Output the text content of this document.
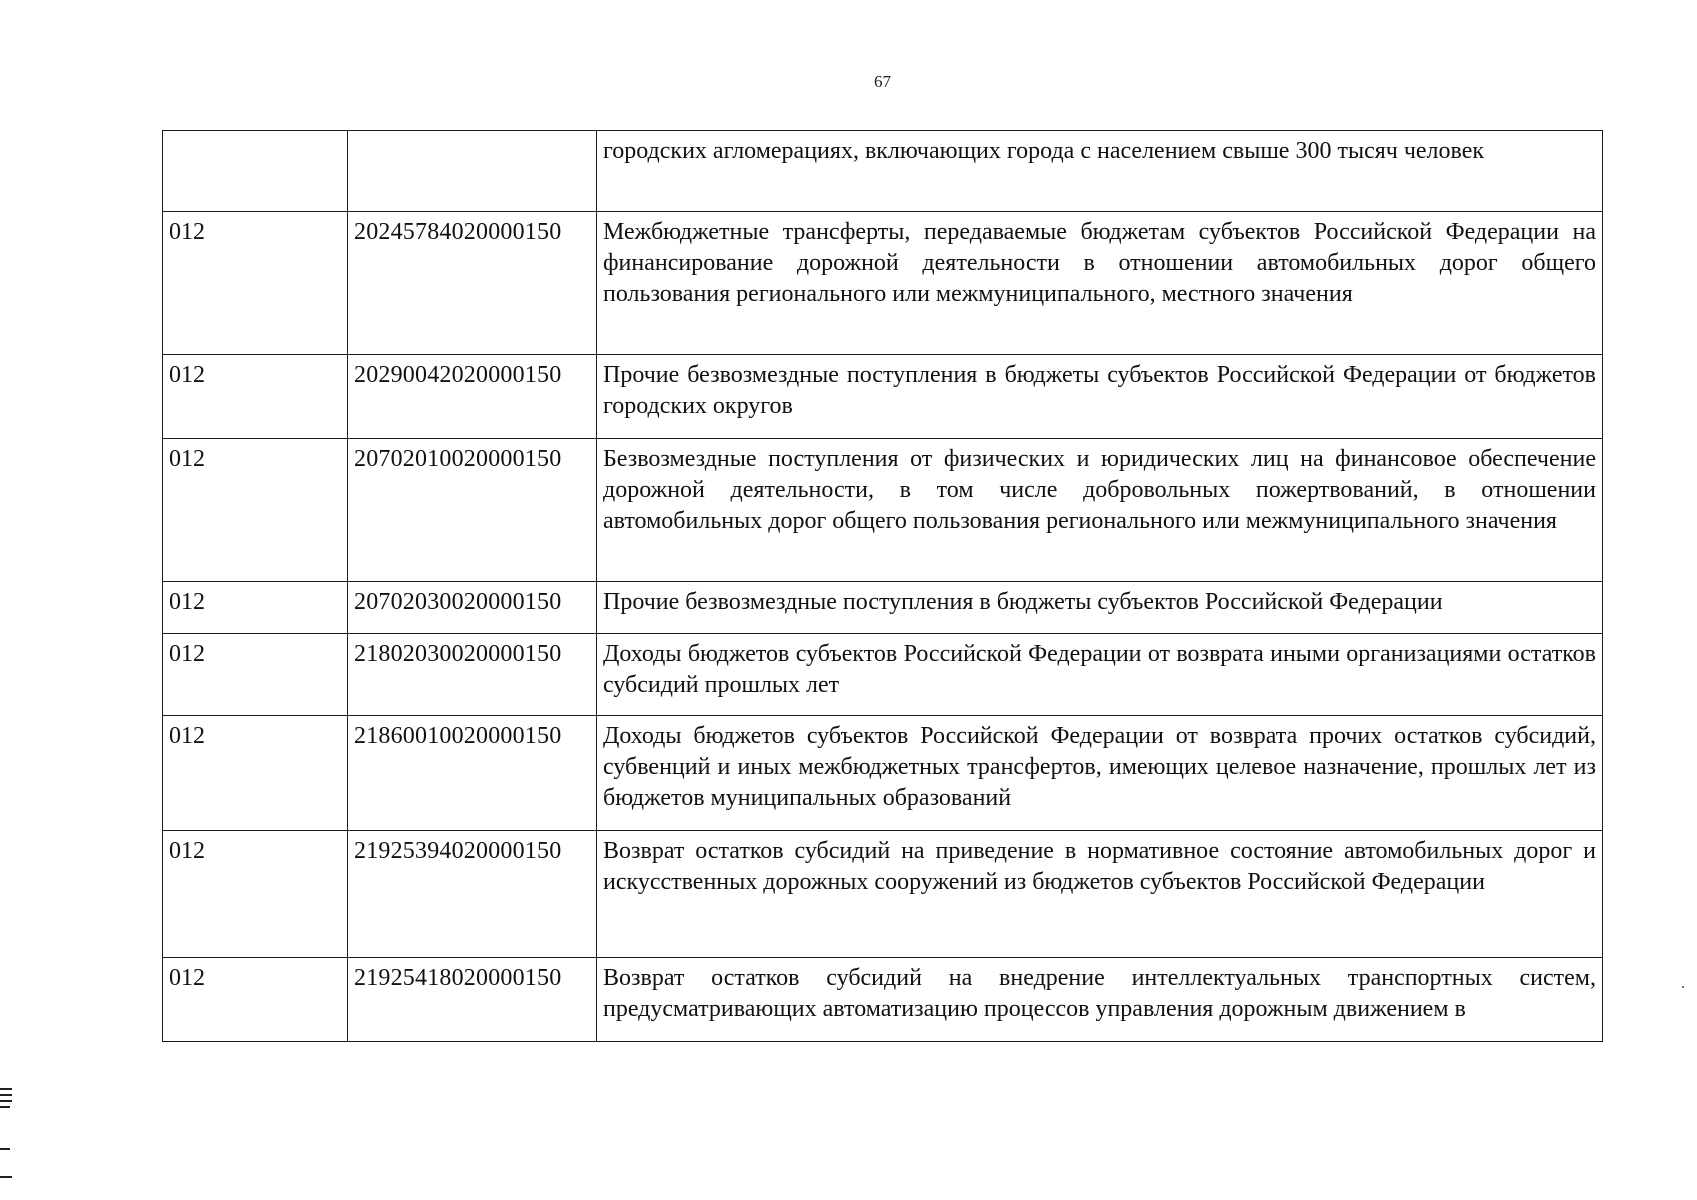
67
		городских агломерациях, включающих города с населением свыше 300 тысяч человек
012	20245784020000150	Межбюджетные трансферты, передаваемые бюджетам субъектов Российской Федерации на финансирование дорожной деятельности в отношении автомобильных дорог общего пользования регионального или межмуниципального, местного значения
012	20290042020000150	Прочие безвозмездные поступления в бюджеты субъектов Российской Федерации от бюджетов городских округов
012	20702010020000150	Безвозмездные поступления от физических и юридических лиц на финансовое обеспечение дорожной деятельности, в том числе добровольных пожертвований, в отношении автомобильных дорог общего пользования регионального или межмуниципального значения
012	20702030020000150	Прочие безвозмездные поступления в бюджеты субъектов Российской Федерации
012	21802030020000150	Доходы бюджетов субъектов Российской Федерации от возврата иными организациями остатков субсидий прошлых лет
012	21860010020000150	Доходы бюджетов субъектов Российской Федерации от возврата прочих остатков субсидий, субвенций и иных межбюджетных трансфертов, имеющих целевое назначение, прошлых лет из бюджетов муниципальных образований
012	21925394020000150	Возврат остатков субсидий на приведение в нормативное состояние автомобильных дорог и искусственных дорожных сооружений из бюджетов субъектов Российской Федерации
012	21925418020000150	Возврат остатков субсидий на внедрение интеллектуальных транспортных систем, предусматривающих автоматизацию процессов управления дорожным движением в
